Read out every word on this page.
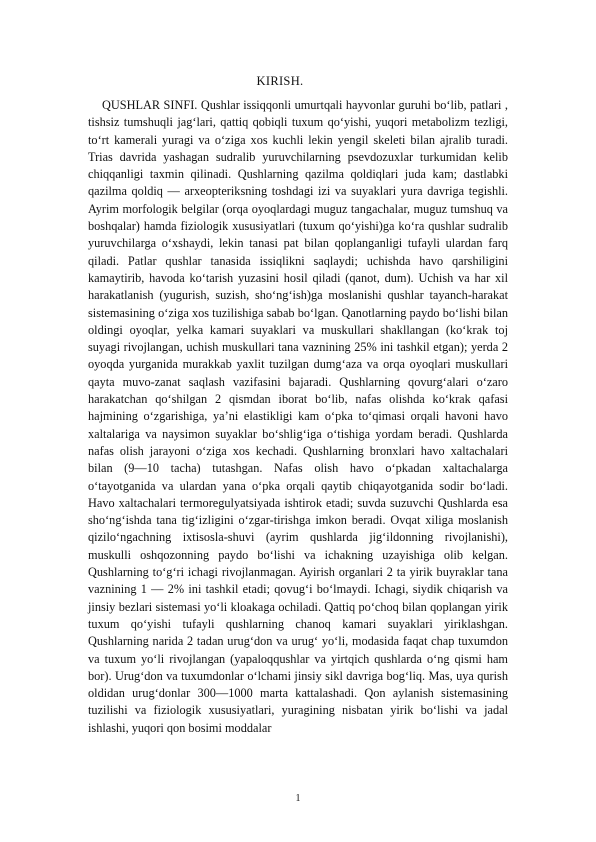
KIRISH.

QUSHLAR SINFI. Qushlar issiqqonli umurtqali hayvonlar guruhi bo‘lib, patlari , tishsiz tumshuqli jag‘lari, qattiq qobiqli tuxum qo‘yishi, yuqori metabolizm tezligi, to‘rt kamerali yuragi va o‘ziga xos kuchli lekin yengil skeleti bilan ajralib turadi. Trias davrida yashagan sudralib yuruvchilarning psevdozuxlar turkumidan kelib chiqqanligi taxmin qilinadi. Qushlarning qazilma qoldiqlari juda kam; dastlabki qazilma qoldiq — arxeopteriksning toshdagi izi va suyaklari yura davriga tegishli. Ayrim morfologik belgilar (orqa oyoqlardagi muguz tangachalar, muguz tumshuq va boshqalar) hamda fiziologik xususiyatlari (tuxum qo‘yishi)ga ko‘ra qushlar sudralib yuruvchilarga o‘xshaydi, lekin tanasi pat bilan qoplanganligi tufayli ulardan farq qiladi. Patlar qushlar tanasida issiqlikni saqlaydi; uchishda havo qarshiligini kamaytirib, havoda ko‘tarish yuzasini hosil qiladi (qanot, dum). Uchish va har xil harakatlanish (yugurish, suzish, sho‘ng‘ish)ga moslanishi qushlar tayanch-harakat sistemasining o‘ziga xos tuzilishiga sabab bo‘lgan. Qanotlarning paydo bo‘lishi bilan oldingi oyoqlar, yelka kamari suyaklari va muskullari shakllangan (ko‘krak toj suyagi rivojlangan, uchish muskullari tana vaznining 25% ini tashkil etgan); yerda 2 oyoqda yurganida murakkab yaxlit tuzilgan dumg‘aza va orqa oyoqlari muskullari qayta muvo-zanat saqlash vazifasini bajaradi. Qushlarning qovurg‘alari o‘zaro harakatchan qo‘shilgan 2 qismdan iborat bo‘lib, nafas olishda ko‘krak qafasi hajmining o‘zgarishiga, ya’ni elastikligi kam o‘pka to‘qimasi orqali havoni havo xaltalariga va naysimon suyaklar bo‘shlig‘iga o‘tishiga yordam beradi. Qushlarda nafas olish jarayoni o‘ziga xos kechadi. Qushlarning bronxlari havo xaltachalari bilan (9—10 tacha) tutashgan. Nafas olish havo o‘pkadan xaltachalarga o‘tayotganida va ulardan yana o‘pka orqali qaytib chiqayotganida sodir bo‘ladi. Havo xaltachalari termoregulyatsiyada ishtirok etadi; suvda suzuvchi Qushlarda esa sho‘ng‘ishda tana tig‘izligini o‘zgar-tirishga imkon beradi. Ovqat xiliga moslanish qizilo‘ngachning ixtisosla-shuvi (ayrim qushlarda jig‘ildonning rivojlanishi), muskulli oshqozonning paydo bo‘lishi va ichakning uzayishiga olib kelgan. Qushlarning to‘g‘ri ichagi rivojlanmagan. Ayirish organlari 2 ta yirik buyraklar tana vaznining 1 — 2% ini tashkil etadi; qovug‘i bo‘lmaydi. Ichagi, siydik chiqarish va jinsiy bezlari sistemasi yo‘li kloakaga ochiladi. Qattiq po‘choq bilan qoplangan yirik tuxum qo‘yishi tufayli qushlarning chanoq kamari suyaklari yiriklashgan. Qushlarning narida 2 tadan urug‘don va urug‘ yo‘li, modasida faqat chap tuxumdon va tuxum yo‘li rivojlangan (yapaloqqushlar va yirtqich qushlarda o‘ng qismi ham bor). Urug‘don va tuxumdonlar o‘lchami jinsiy sikl davriga bog‘liq. Mas, uya qurish oldidan urug‘donlar 300—1000 marta kattalashadi. Qon aylanish sistemasining tuzilishi va fiziologik xususiyatlari, yuragining nisbatan yirik bo‘lishi va jadal ishlashi, yuqori qon bosimi moddalar

1
